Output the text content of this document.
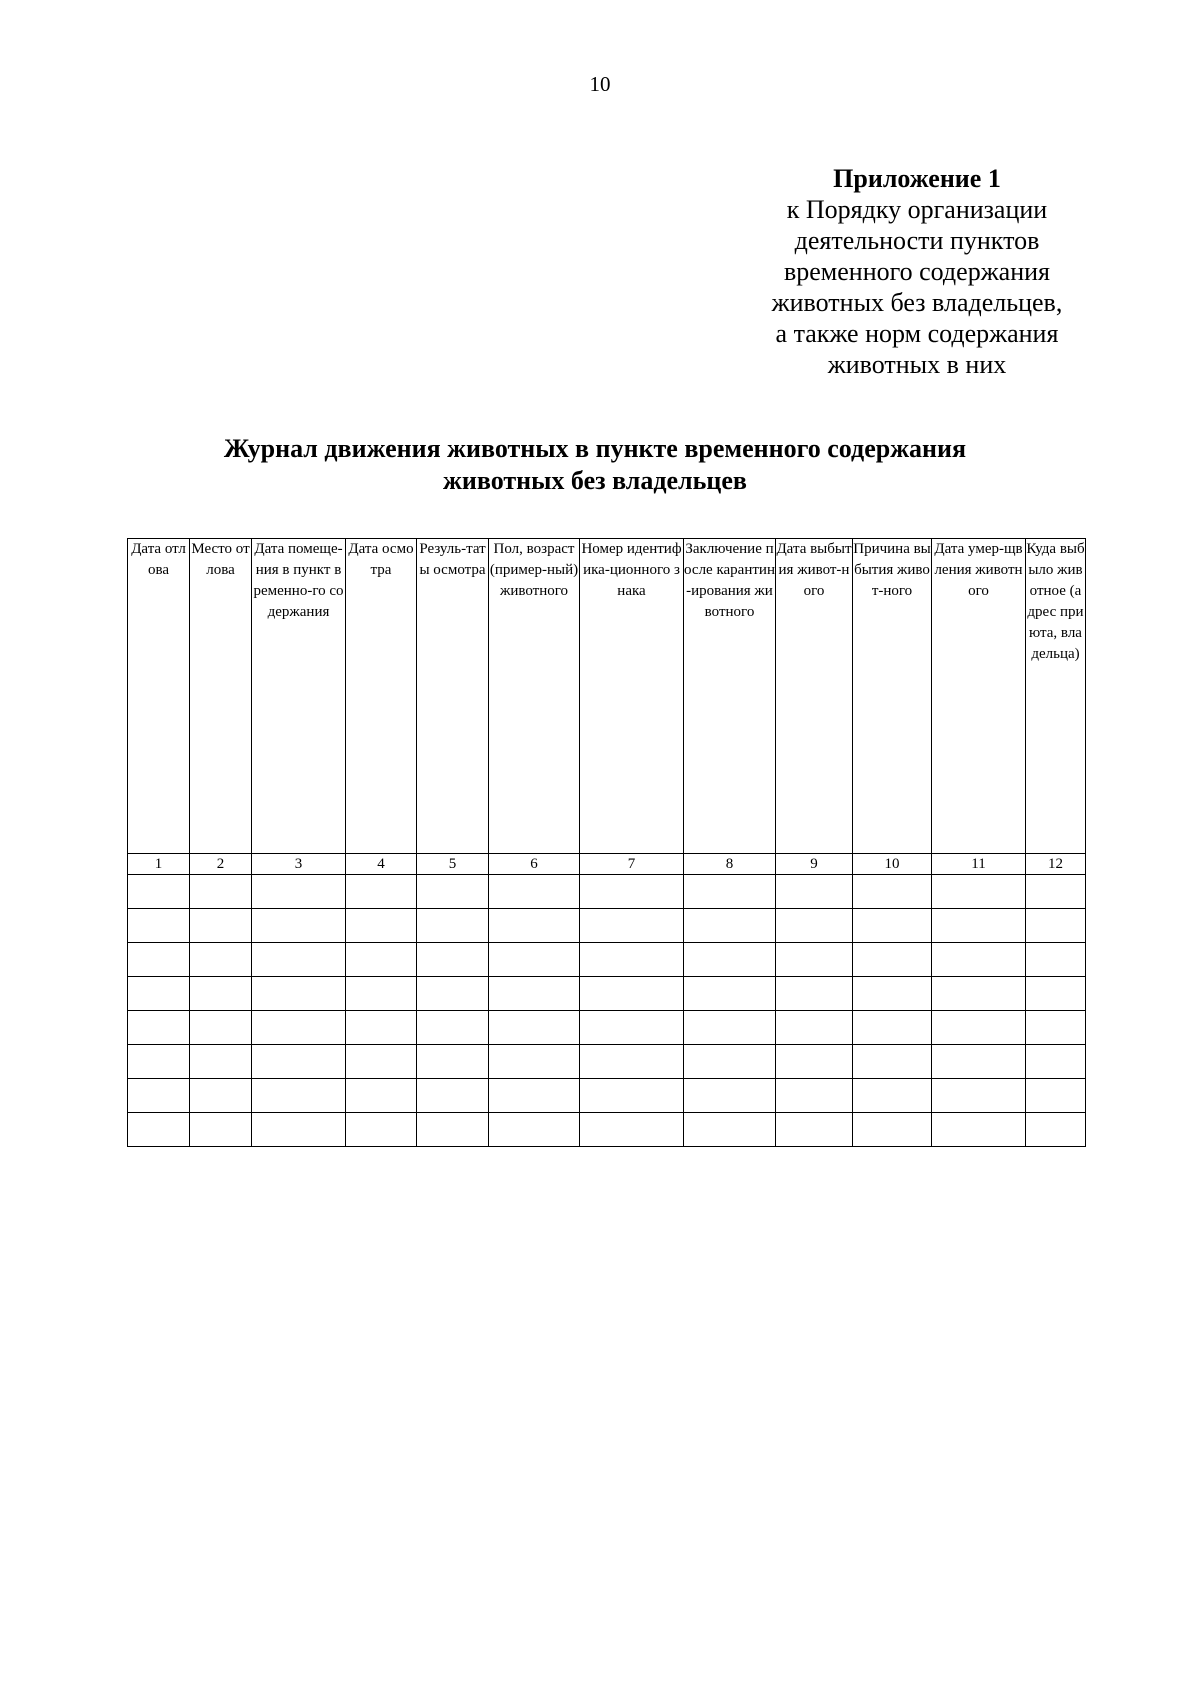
10
Приложение 1
к Порядку организации
деятельности пунктов
временного содержания
животных без владельцев,
а также норм содержания
животных в них
Журнал движения животных в пункте временного содержания
животных без владельцев
Дата отлова	Место отлова	Дата помеще-ния в пункт временно-го содержания	Дата осмотра	Резуль-таты осмотра	Пол, возраст (пример-ный) животного	Номер идентифика-ционного знака	Заключение после карантин-ирования животного	Дата выбытия живот-ного	Причина выбытия живот-ного	Дата умер-щвления животного	Куда выбыло животное (адрес приюта, владельца)
1	2	3	4	5	6	7	8	9	10	11	12
